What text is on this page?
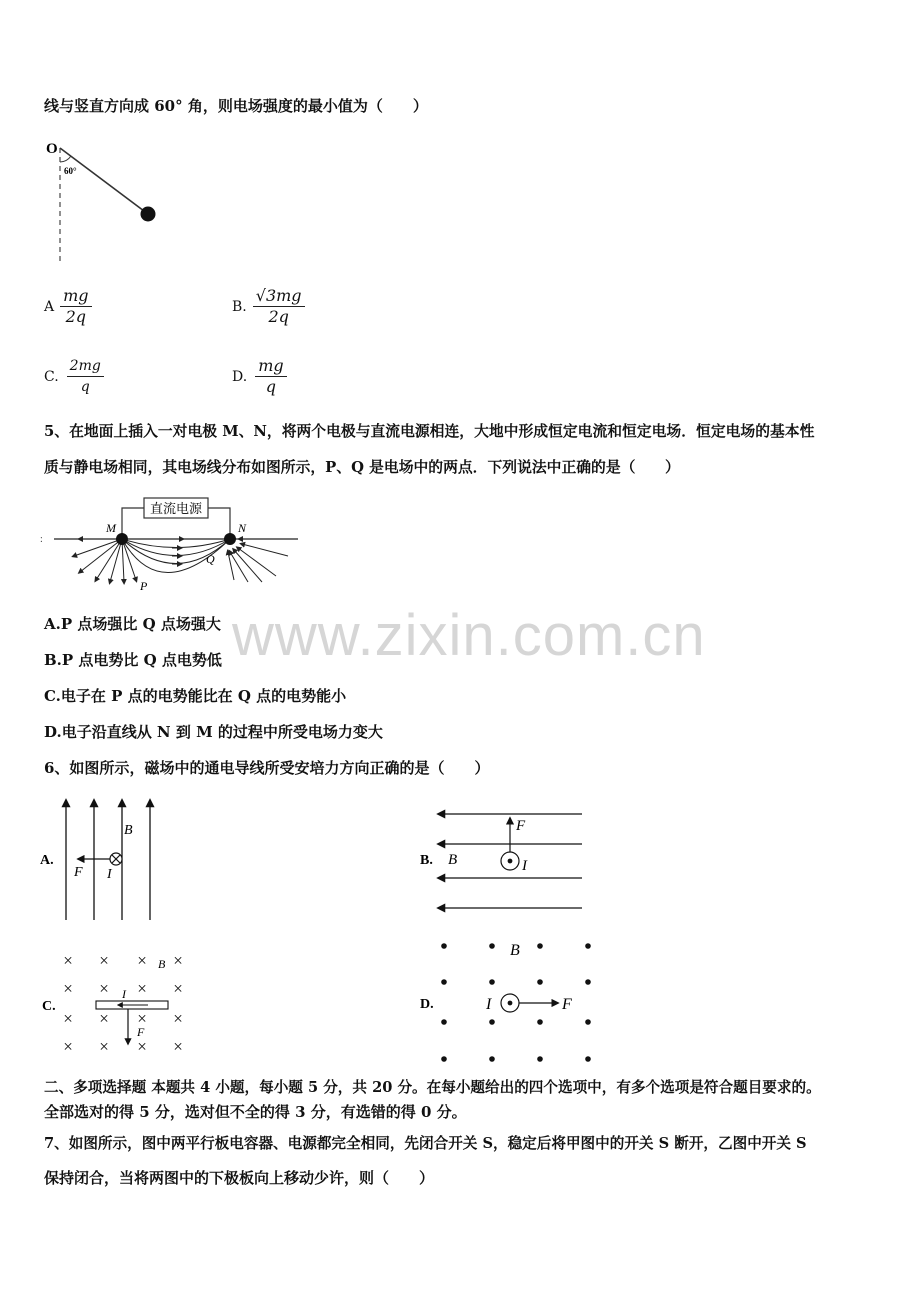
线与竖直方向成 60° 角，则电场强度的最小值为（　　）
O
60°
A $\frac{mg}{2q}$	B. $\frac{√3mg}{2q}$
C. $\frac{2mg}{q}$	D. $\frac{mg}{q}$
5、在地面上插入一对电极 M、N，将两个电极与直流电源相连，大地中形成恒定电流和恒定电场．恒定电场的基本性
质与静电场相同，其电场线分布如图所示，P、Q 是电场中的两点．下列说法中正确的是（　　）
直流电源
M	N
P
Q
:
A.P 点场强比 Q 点场强大
B.P 点电势比 Q 点电势低
C.电子在 P 点的电势能比在 Q 点的电势能小
D.电子沿直线从 N 到 M 的过程中所受电场力变大
6、如图所示，磁场中的通电导线所受安培力方向正确的是（　　）
A.
B
F I
B. B
F
I
× × × ×
× × × ×
× × × ×
× × × ×
C.
B
I
F
D.
B
I	F
二、多项选择题 本题共 4 小题，每小题 5 分，共 20 分。在每小题给出的四个选项中，有多个选项是符合题目要求的。
全部选对的得 5 分，选对但不全的得 3 分，有选错的得 0 分。
7、如图所示，图中两平行板电容器、电源都完全相同，先闭合开关 S，稳定后将甲图中的开关 S 断开，乙图中开关 S
保持闭合，当将两图中的下极板向上移动少许，则（　　）
www.zixin.com.cn
